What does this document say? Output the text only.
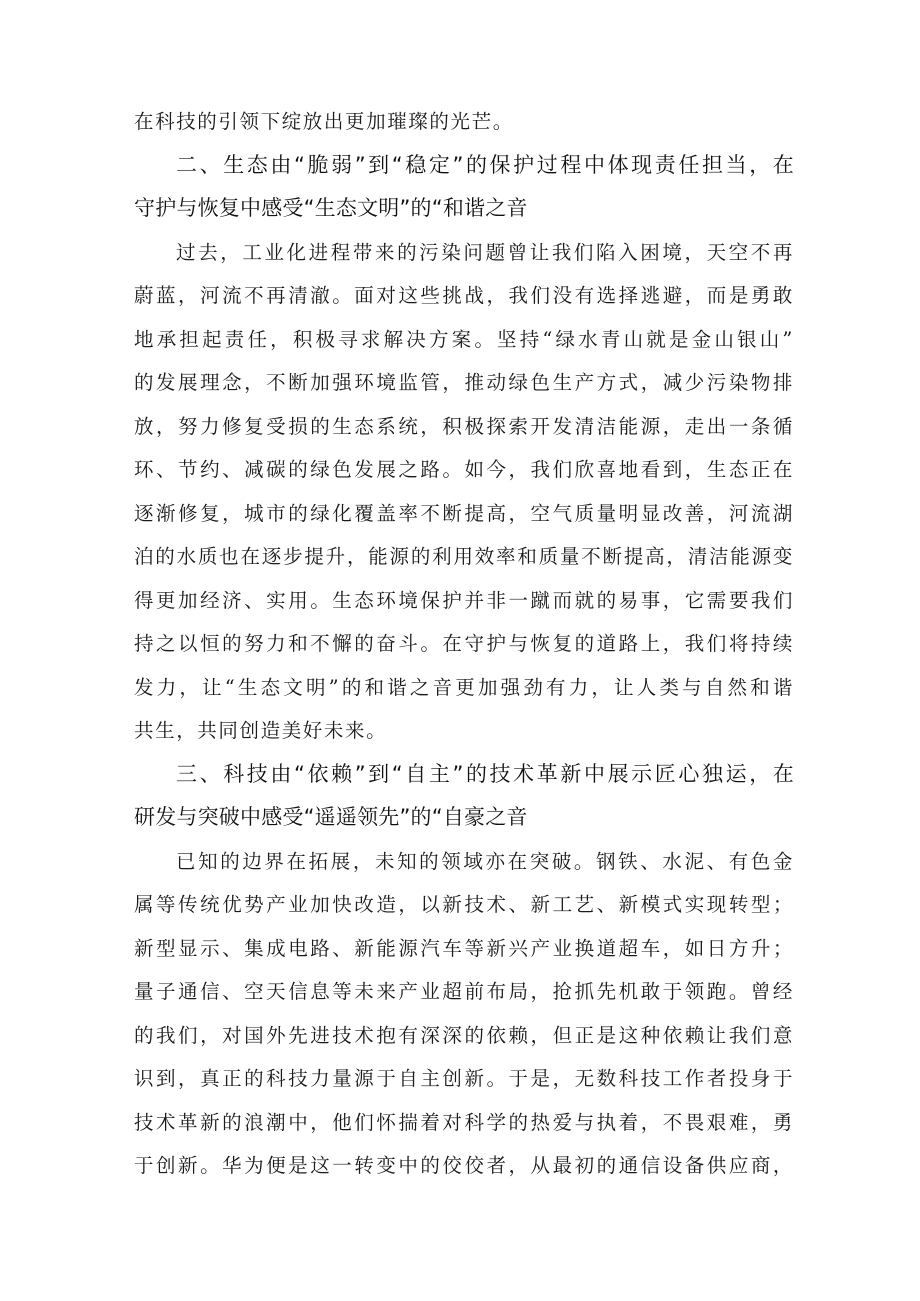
在科技的引领下绽放出更加璀璨的光芒。
二、生态由“脆弱”到“稳定”的保护过程中体现责任担当，在
守护与恢复中感受“生态文明”的“和谐之音
过去，工业化进程带来的污染问题曾让我们陷入困境，天空不再
蔚蓝，河流不再清澈。面对这些挑战，我们没有选择逃避，而是勇敢
地承担起责任，积极寻求解决方案。坚持“绿水青山就是金山银山”
的发展理念，不断加强环境监管，推动绿色生产方式，减少污染物排
放，努力修复受损的生态系统，积极探索开发清洁能源，走出一条循
环、节约、减碳的绿色发展之路。如今，我们欣喜地看到，生态正在
逐渐修复，城市的绿化覆盖率不断提高，空气质量明显改善，河流湖
泊的水质也在逐步提升，能源的利用效率和质量不断提高，清洁能源变
得更加经济、实用。生态环境保护并非一蹴而就的易事，它需要我们
持之以恒的努力和不懈的奋斗。在守护与恢复的道路上，我们将持续
发力，让“生态文明”的和谐之音更加强劲有力，让人类与自然和谐
共生，共同创造美好未来。
三、科技由“依赖”到“自主”的技术革新中展示匠心独运，在
研发与突破中感受“遥遥领先”的“自豪之音
已知的边界在拓展，未知的领域亦在突破。钢铁、水泥、有色金
属等传统优势产业加快改造，以新技术、新工艺、新模式实现转型；
新型显示、集成电路、新能源汽车等新兴产业换道超车，如日方升；
量子通信、空天信息等未来产业超前布局，抢抓先机敢于领跑。曾经
的我们，对国外先进技术抱有深深的依赖，但正是这种依赖让我们意
识到，真正的科技力量源于自主创新。于是，无数科技工作者投身于
技术革新的浪潮中，他们怀揣着对科学的热爱与执着，不畏艰难，勇
于创新。华为便是这一转变中的佼佼者，从最初的通信设备供应商，
